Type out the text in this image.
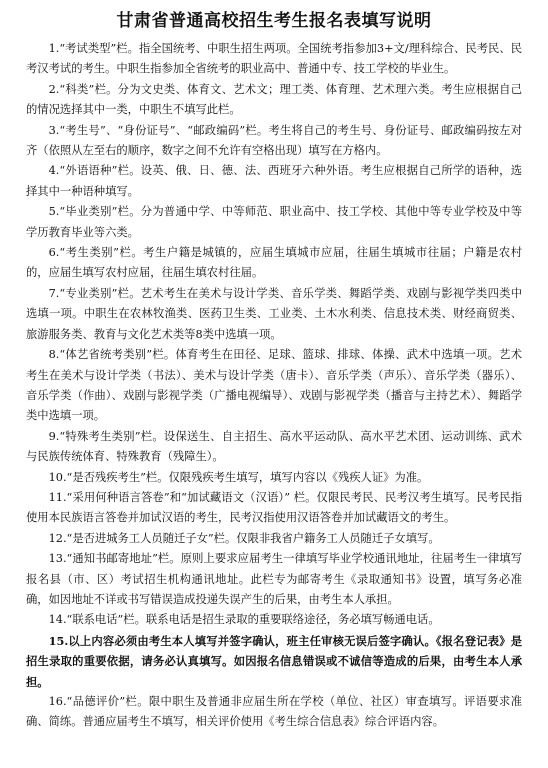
甘肃省普通高校招生考生报名表填写说明

1.“考试类型”栏。指全国统考、中职生招生两项。全国统考指参加3+文/理科综合、民考民、民考汉考试的考生。中职生指参加全省统考的职业高中、普通中专、技工学校的毕业生。

2.“科类”栏。分为文史类、体育文、艺术文；理工类、体育理、艺术理六类。考生应根据自己的情况选择其中一类，中职生不填写此栏。

3.“考生号”、“身份证号”、“邮政编码”栏。考生将自己的考生号、身份证号、邮政编码按左对齐（依照从左至右的顺序，数字之间不允许有空格出现）填写在方格内。

4.“外语语种”栏。设英、俄、日、德、法、西班牙六种外语。考生应根据自己所学的语种，选择其中一种语种填写。

5.“毕业类别”栏。分为普通中学、中等师范、职业高中、技工学校、其他中等专业学校及中等学历教育毕业等六类。

6.“考生类别”栏。考生户籍是城镇的，应届生填城市应届，往届生填城市往届；户籍是农村的，应届生填写农村应届，往届生填农村往届。

7.“专业类别”栏。艺术考生在美术与设计学类、音乐学类、舞蹈学类、戏剧与影视学类四类中选填一项。中职生在农林牧渔类、医药卫生类、工业类、土木水利类、信息技术类、财经商贸类、旅游服务类、教育与文化艺术类等8类中选填一项。

8.“体艺省统考类别”栏。体育考生在田径、足球、篮球、排球、体操、武术中选填一项。艺术考生在美术与设计学类（书法）、美术与设计学类（唐卡）、音乐学类（声乐）、音乐学类（器乐）、音乐学类（作曲）、戏剧与影视学类（广播电视编导）、戏剧与影视学类（播音与主持艺术）、舞蹈学类中选填一项。

9.“特殊考生类别”栏。设保送生、自主招生、高水平运动队、高水平艺术团、运动训练、武术与民族传统体育、特殊教育（残障生）。

10.“是否残疾考生”栏。仅限残疾考生填写，填写内容以《残疾人证》为准。

11.“采用何种语言答卷”和“加试藏语文（汉语）” 栏。仅限民考民、民考汉考生填写。民考民指使用本民族语言答卷并加试汉语的考生，民考汉指使用汉语答卷并加试藏语文的考生。

12.“是否进城务工人员随迁子女”栏。仅限非我省户籍务工人员随迁子女填写。

13.“通知书邮寄地址”栏。原则上要求应届考生一律填写毕业学校通讯地址，往届考生一律填写报名县（市、区）考试招生机构通讯地址。此栏专为邮寄考生《录取通知书》设置，填写务必准确，如因地址不详或书写错误造成投递失误产生的后果，由考生本人承担。

14.“联系电话”栏。联系电话是招生录取的重要联络途径，务必填写畅通电话。

15.以上内容必须由考生本人填写并签字确认，班主任审核无误后签字确认。《报名登记表》是招生录取的重要依据，请务必认真填写。如因报名信息错误或不诚信等造成的后果，由考生本人承担。

16.“品德评价”栏。限中职生及普通非应届生所在学校（单位、社区）审查填写。评语要求准确、简练。普通应届考生不填写，相关评价使用《考生综合信息表》综合评语内容。
